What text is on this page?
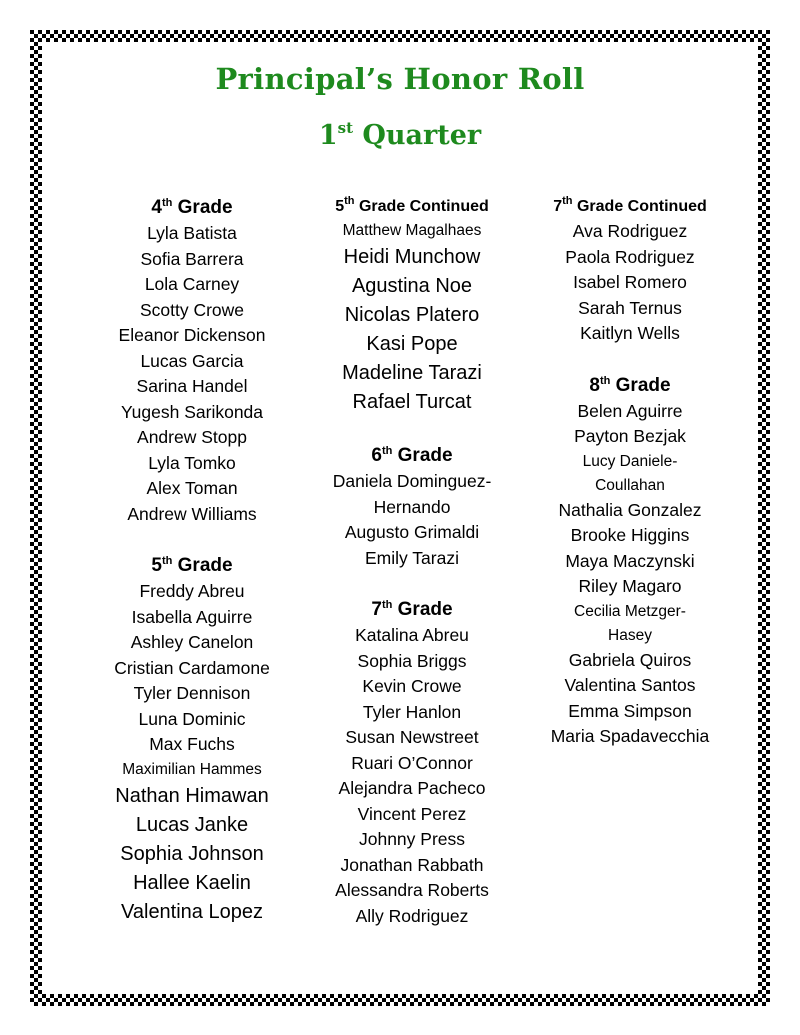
Principal’s Honor Roll
1st Quarter
4th Grade
Lyla Batista
Sofia Barrera
Lola Carney
Scotty Crowe
Eleanor Dickenson
Lucas Garcia
Sarina Handel
Yugesh Sarikonda
Andrew Stopp
Lyla Tomko
Alex Toman
Andrew Williams
5th Grade
Freddy Abreu
Isabella Aguirre
Ashley Canelon
Cristian Cardamone
Tyler Dennison
Luna Dominic
Max Fuchs
Maximilian Hammes
Nathan Himawan
Lucas Janke
Sophia Johnson
Hallee Kaelin
Valentina Lopez
5th Grade Continued
Matthew Magalhaes
Heidi Munchow
Agustina Noe
Nicolas Platero
Kasi Pope
Madeline Tarazi
Rafael Turcat
6th Grade
Daniela Dominguez-
Hernando
Augusto Grimaldi
Emily Tarazi
7th Grade
Katalina Abreu
Sophia Briggs
Kevin Crowe
Tyler Hanlon
Susan Newstreet
Ruari O’Connor
Alejandra Pacheco
Vincent Perez
Johnny Press
Jonathan Rabbath
Alessandra Roberts
Ally Rodriguez
7th Grade Continued
Ava Rodriguez
Paola Rodriguez
Isabel Romero
Sarah Ternus
Kaitlyn Wells
8th Grade
Belen Aguirre
Payton Bezjak
Lucy Daniele-
Coullahan
Nathalia Gonzalez
Brooke Higgins
Maya Maczynski
Riley Magaro
Cecilia Metzger-
Hasey
Gabriela Quiros
Valentina Santos
Emma Simpson
Maria Spadavecchia
